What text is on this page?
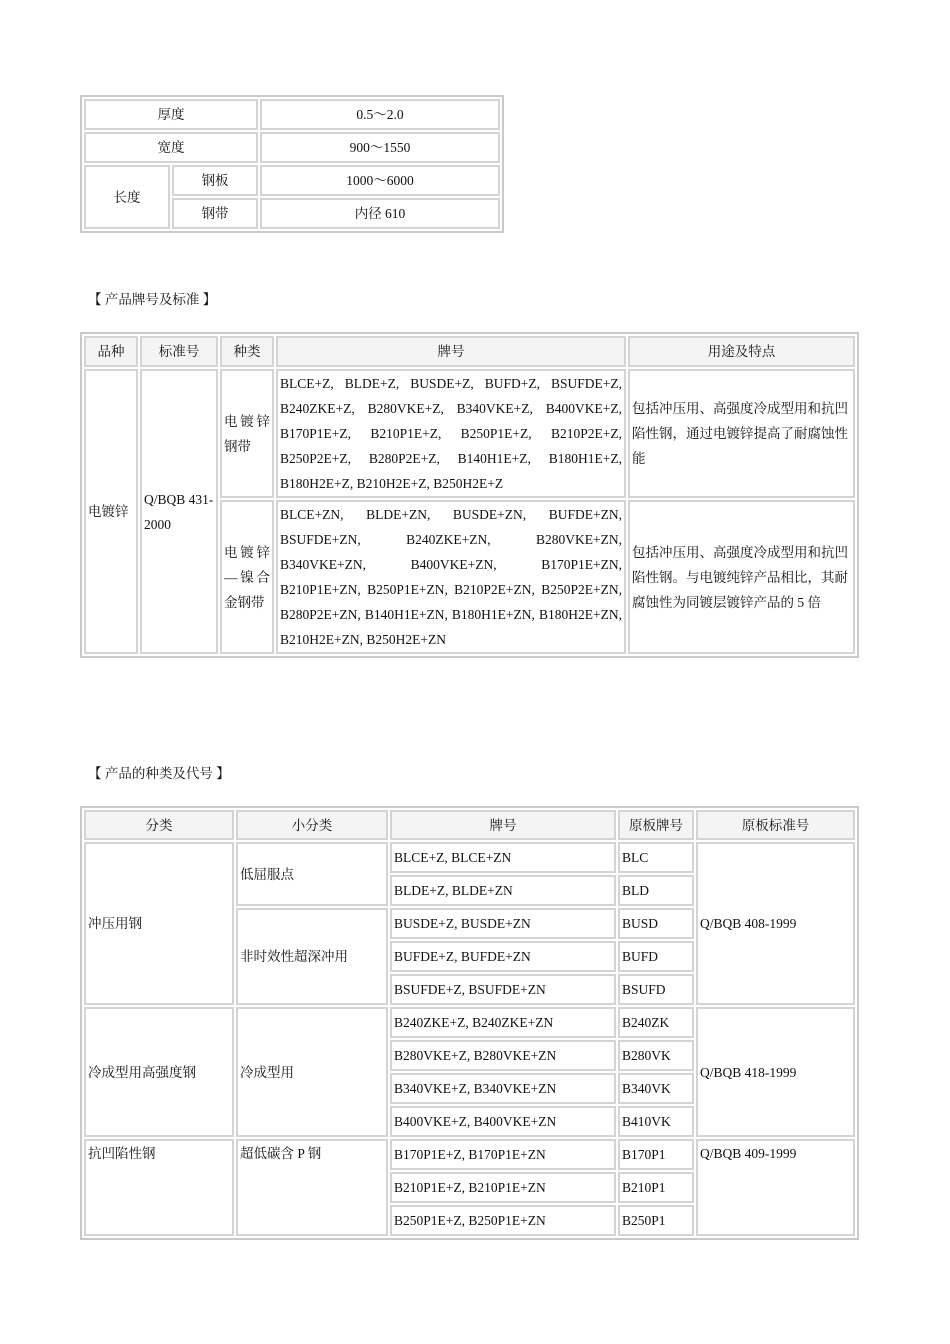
厚度		0.5～2.0
宽度		900～1550
长度	钢板	1000～6000
	钢带	内径 610
【 产品牌号及标准 】
品种	标准号	种类	牌号	用途及特点
电镀锌	Q/BQB 431-2000	电镀锌钢带	BLCE+Z, BLDE+Z, BUSDE+Z, BUFD+Z, BSUFDE+Z, B240ZKE+Z, B280VKE+Z, B340VKE+Z, B400VKE+Z, B170P1E+Z, B210P1E+Z, B250P1E+Z, B210P2E+Z, B250P2E+Z, B280P2E+Z, B140H1E+Z, B180H1E+Z, B180H2E+Z, B210H2E+Z, B250H2E+Z	包括冲压用、高强度冷成型用和抗凹陷性钢，通过电镀锌提高了耐腐蚀性能
		电镀锌—镍合金钢带	BLCE+ZN, BLDE+ZN, BUSDE+ZN, BUFDE+ZN, BSUFDE+ZN, B240ZKE+ZN, B280VKE+ZN, B340VKE+ZN, B400VKE+ZN, B170P1E+ZN, B210P1E+ZN, B250P1E+ZN, B210P2E+ZN, B250P2E+ZN, B280P2E+ZN, B140H1E+ZN, B180H1E+ZN, B180H2E+ZN, B210H2E+ZN, B250H2E+ZN	包括冲压用、高强度冷成型用和抗凹陷性钢。与电镀纯锌产品相比，其耐腐蚀性为同镀层镀锌产品的 5 倍
【 产品的种类及代号 】
分类	小分类	牌号	原板牌号	原板标准号
冲压用钢	低屈服点	BLCE+Z, BLCE+ZN	BLC	Q/BQB 408-1999
		BLDE+Z, BLDE+ZN	BLD	
	非时效性超深冲用	BUSDE+Z, BUSDE+ZN	BUSD	
		BUFDE+Z, BUFDE+ZN	BUFD	
		BSUFDE+Z, BSUFDE+ZN	BSUFD	
冷成型用高强度钢	冷成型用	B240ZKE+Z, B240ZKE+ZN	B240ZK	Q/BQB 418-1999
		B280VKE+Z, B280VKE+ZN	B280VK	
		B340VKE+Z, B340VKE+ZN	B340VK	
		B400VKE+Z, B400VKE+ZN	B410VK	
抗凹陷性钢	超低碳含 P 钢	B170P1E+Z, B170P1E+ZN	B170P1	Q/BQB 409-1999
		B210P1E+Z, B210P1E+ZN	B210P1	
		B250P1E+Z, B250P1E+ZN	B250P1	
